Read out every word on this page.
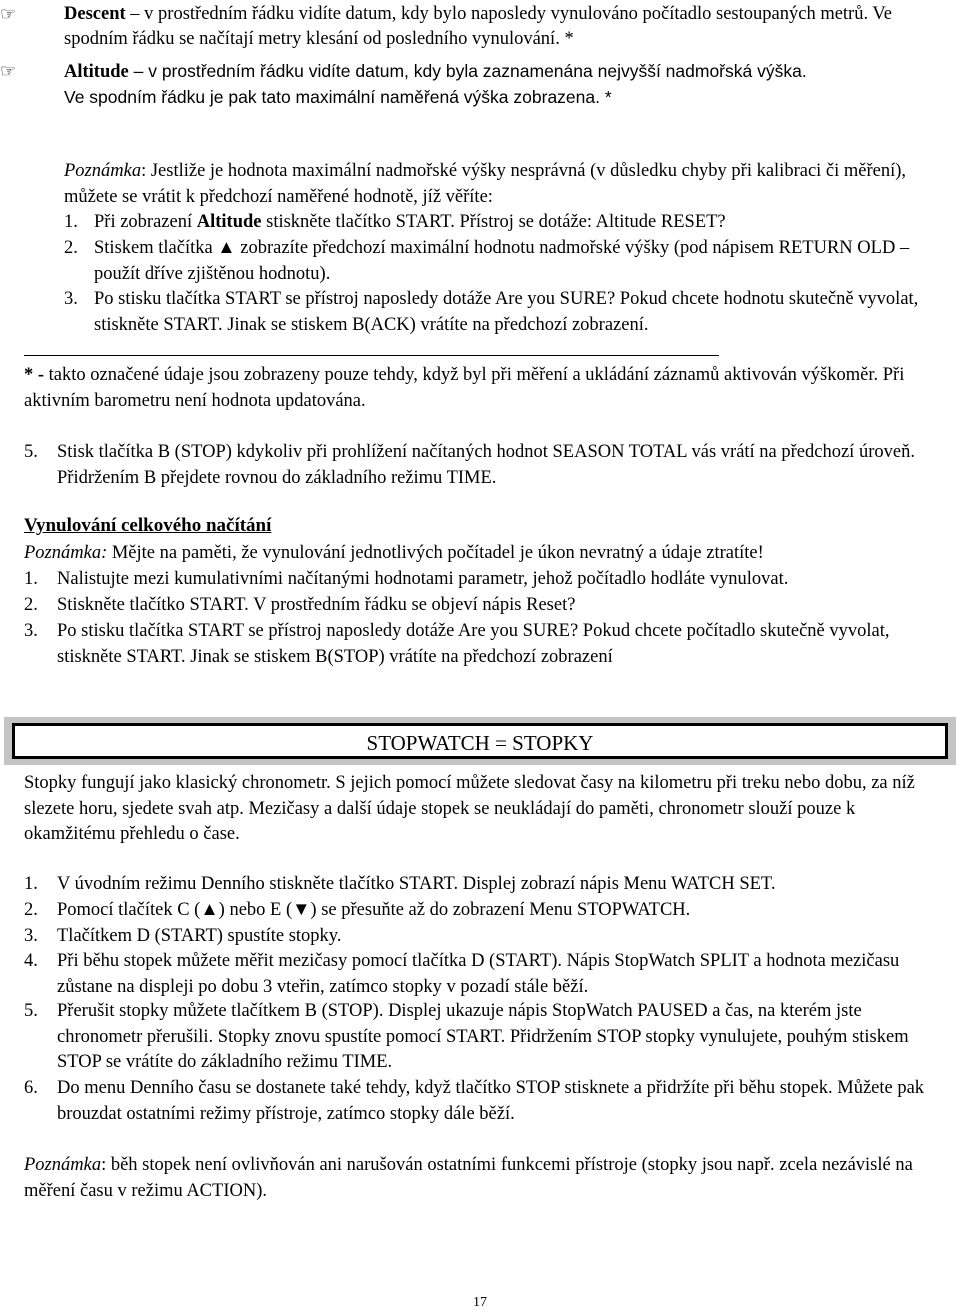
☞	Descent – v prostředním řádku vidíte datum, kdy bylo naposledy vynulováno počítadlo sestoupaných metrů. Ve spodním řádku se načítají metry klesání od posledního vynulování. *
☞	Altitude – v prostředním řádku vidíte datum, kdy byla zaznamenána nejvyšší nadmořská výška.
Ve spodním řádku je pak tato maximální naměřená výška zobrazena. *
Poznámka: Jestliže je hodnota maximální nadmořské výšky nesprávná (v důsledku chyby při kalibraci či měření), můžete se vrátit k předchozí naměřené hodnotě, jíž věříte:
1. Při zobrazení Altitude stiskněte tlačítko START. Přístroj se dotáže: Altitude RESET?
2. Stiskem tlačítka ▲ zobrazíte předchozí maximální hodnotu nadmořské výšky (pod nápisem RETURN OLD – použít dříve zjištěnou hodnotu).
3. Po stisku tlačítka START se přístroj naposledy dotáže Are you SURE? Pokud chcete hodnotu skutečně vyvolat, stiskněte START. Jinak se stiskem B(ACK) vrátíte na předchozí zobrazení.
* - takto označené údaje jsou zobrazeny pouze tehdy, když byl při měření a ukládání záznamů aktivován výškoměr. Při aktivním barometru není hodnota updatována.
5. Stisk tlačítka B (STOP) kdykoliv při prohlížení načítaných hodnot SEASON TOTAL vás vrátí na předchozí úroveň. Přidržením B přejdete rovnou do základního režimu TIME.
Vynulování celkového načítání
Poznámka: Mějte na paměti, že vynulování jednotlivých počítadel je úkon nevratný a údaje ztratíte!
1. Nalistujte mezi kumulativními načítanými hodnotami parametr, jehož počítadlo hodláte vynulovat.
2. Stiskněte tlačítko START. V prostředním řádku se objeví nápis Reset?
3. Po stisku tlačítka START se přístroj naposledy dotáže Are you SURE? Pokud chcete počítadlo skutečně vyvolat, stiskněte START. Jinak se stiskem B(STOP) vrátíte na předchozí zobrazení
STOPWATCH = STOPKY
Stopky fungují jako klasický chronometr. S jejich pomocí můžete sledovat časy na kilometru při treku nebo dobu, za níž slezete horu, sjedete svah atp. Mezičasy a další údaje stopek se neukládají do paměti, chronometr slouží pouze k okamžitému přehledu o čase.
1. V úvodním režimu Denního stiskněte tlačítko START. Displej zobrazí nápis Menu WATCH SET.
2. Pomocí tlačítek C (▲) nebo E (▼) se přesuňte až do zobrazení Menu STOPWATCH.
3. Tlačítkem D (START) spustíte stopky.
4. Při běhu stopek můžete měřit mezičasy pomocí tlačítka D (START). Nápis StopWatch SPLIT a hodnota mezičasu zůstane na displeji po dobu 3 vteřin, zatímco stopky v pozadí stále běží.
5. Přerušit stopky můžete tlačítkem B (STOP). Displej ukazuje nápis StopWatch PAUSED a čas, na kterém jste chronometr přerušili. Stopky znovu spustíte pomocí START. Přidržením STOP stopky vynulujete, pouhým stiskem STOP se vrátíte do základního režimu TIME.
6. Do menu Denního času se dostanete také tehdy, když tlačítko STOP stisknete a přidržíte při běhu stopek. Můžete pak brouzdat ostatními režimy přístroje, zatímco stopky dále běží.
Poznámka: běh stopek není ovlivňován ani narušován ostatními funkcemi přístroje (stopky jsou např. zcela nezávislé na měření času v režimu ACTION).
17
